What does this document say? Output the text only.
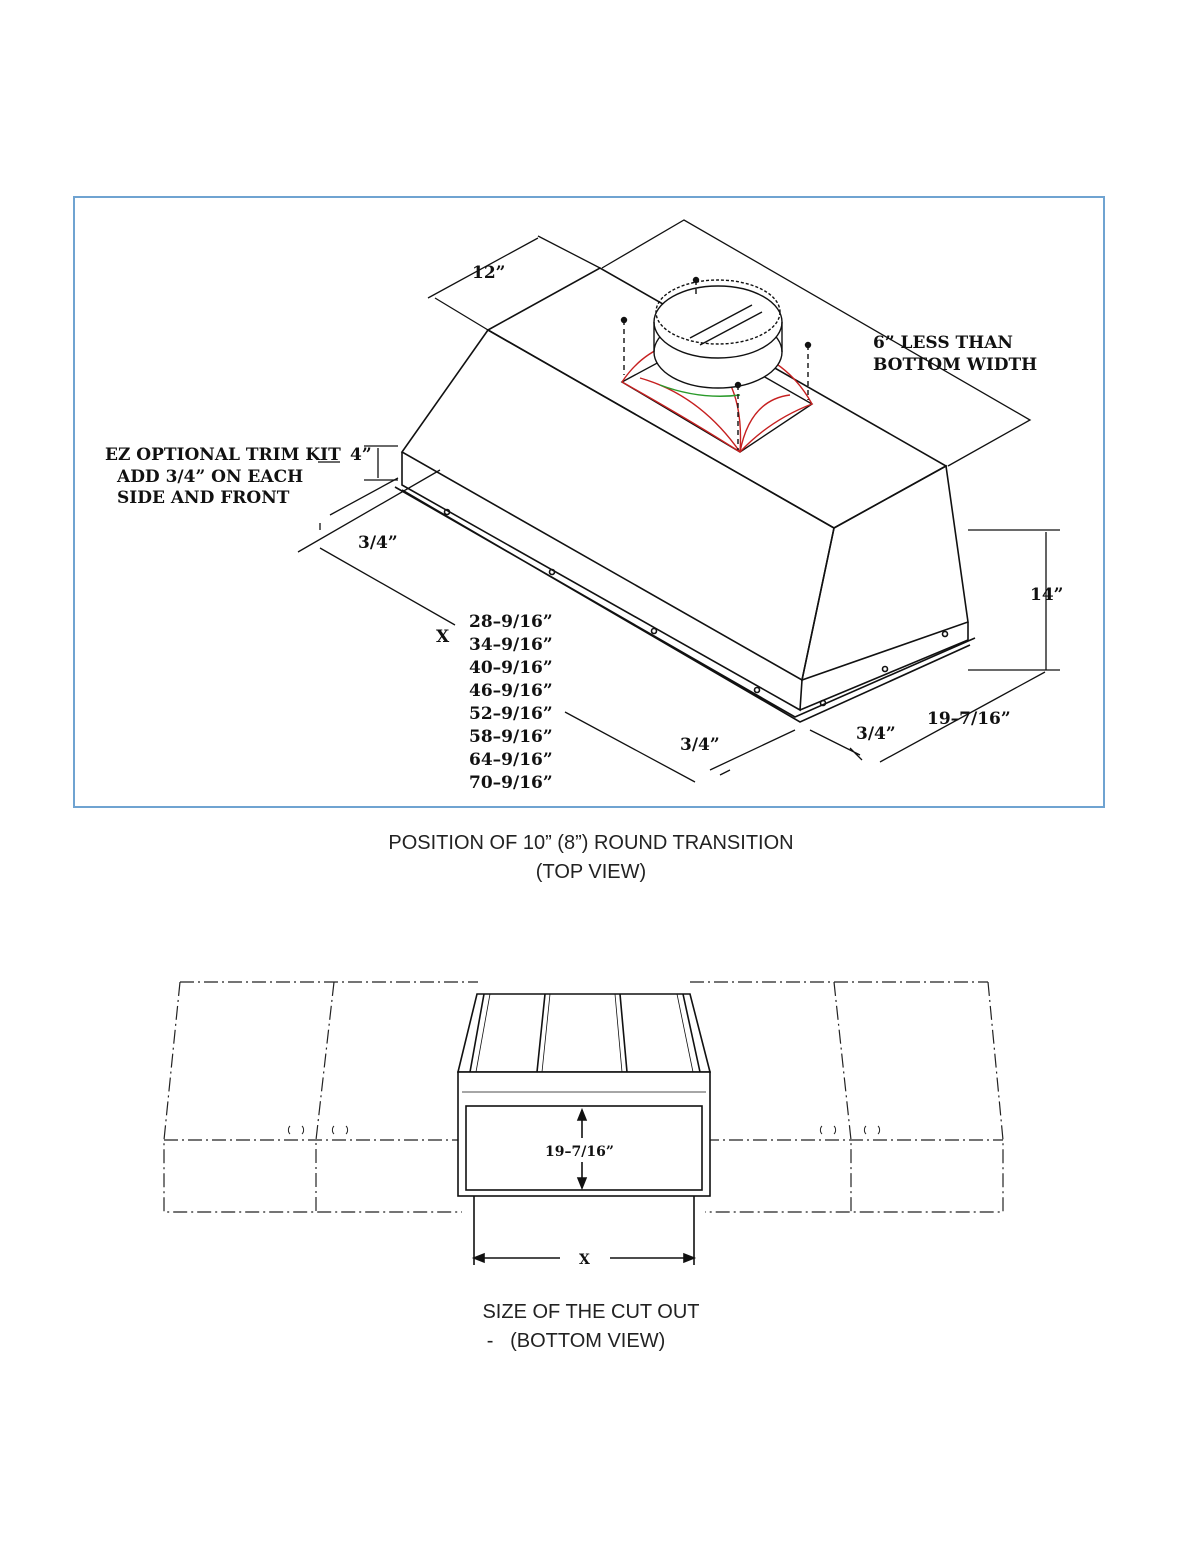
12”
6” LESS THAN
BOTTOM WIDTH
EZ OPTIONAL TRIM KIT
ADD 3/4” ON EACH
SIDE AND FRONT
4”
3/4”
X
14”
3/4”
3/4”
19–7/16”
28–9/16”
34–9/16”
40–9/16”
46–9/16”
52–9/16”
58–9/16”
64–9/16”
70–9/16”
POSITION OF 10” (8”) ROUND TRANSITION
(TOP VIEW)
19–7/16”
X
SIZE OF THE CUT OUT
-   (BOTTOM VIEW)
